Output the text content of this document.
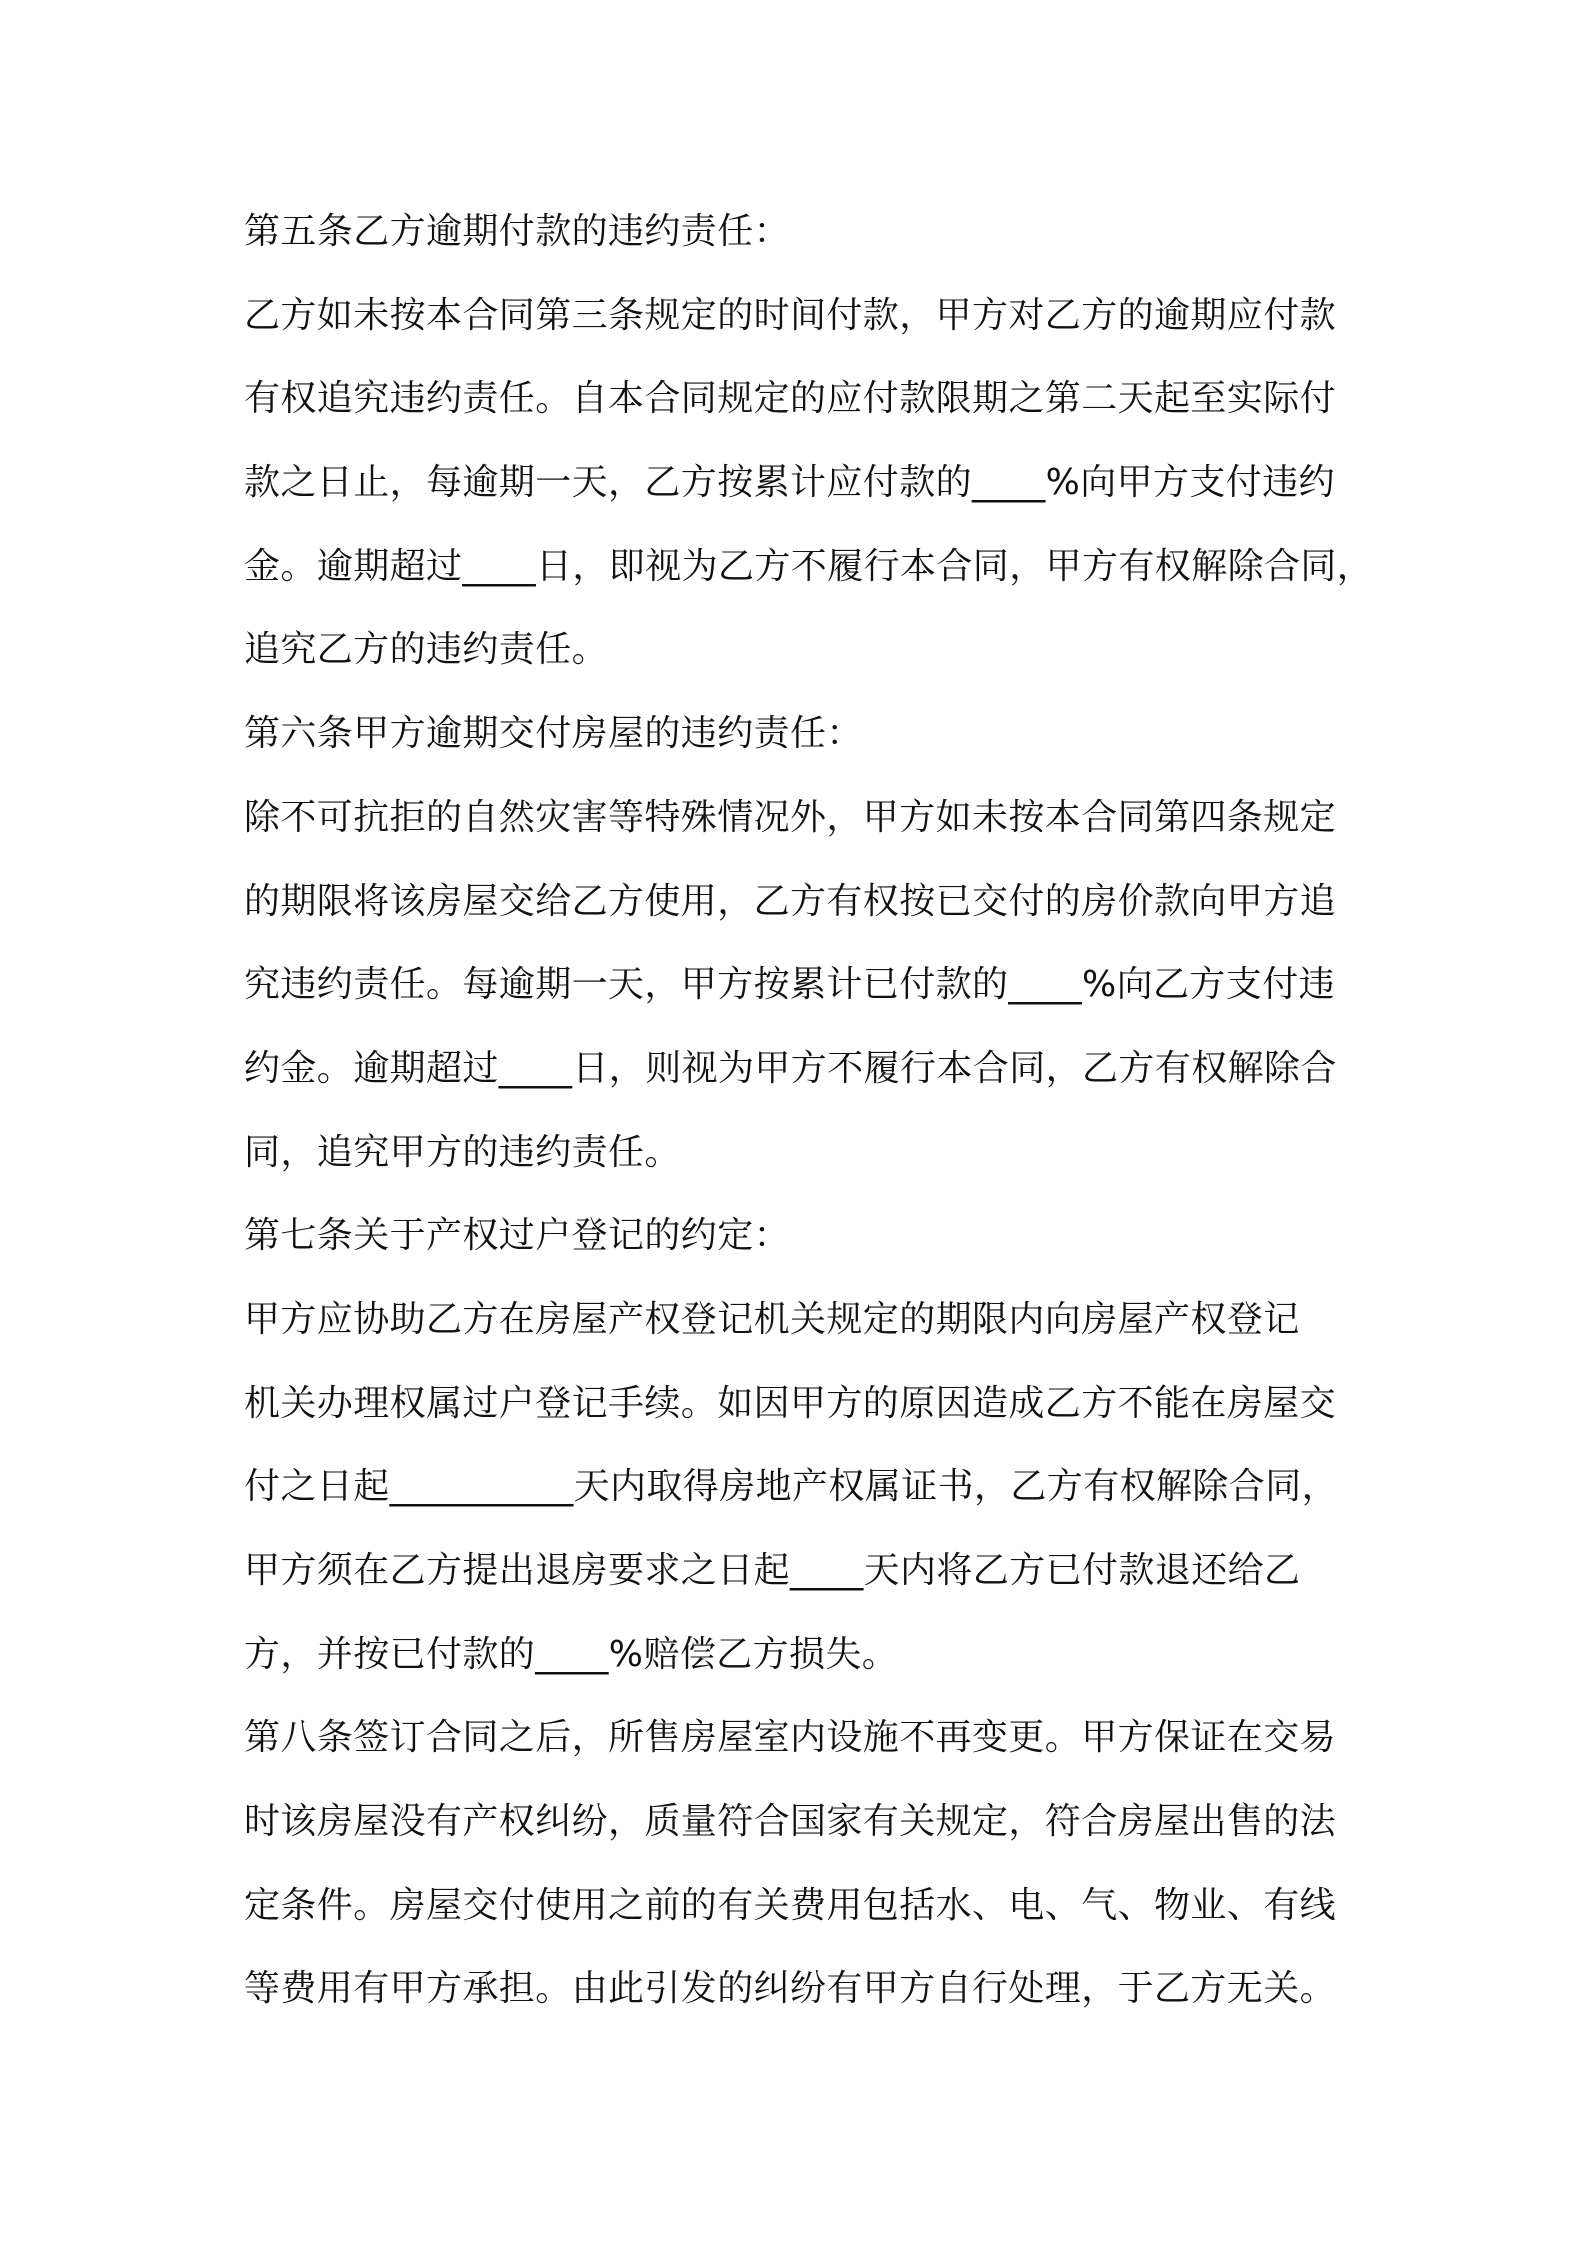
第五条乙方逾期付款的违约责任：
乙方如未按本合同第三条规定的时间付款，甲方对乙方的逾期应付款
有权追究违约责任。自本合同规定的应付款限期之第二天起至实际付
款之日止，每逾期一天，乙方按累计应付款的____%向甲方支付违约
金。逾期超过____日，即视为乙方不履行本合同，甲方有权解除合同，
追究乙方的违约责任。
第六条甲方逾期交付房屋的违约责任：
除不可抗拒的自然灾害等特殊情况外，甲方如未按本合同第四条规定
的期限将该房屋交给乙方使用，乙方有权按已交付的房价款向甲方追
究违约责任。每逾期一天，甲方按累计已付款的____%向乙方支付违
约金。逾期超过____日，则视为甲方不履行本合同，乙方有权解除合
同，追究甲方的违约责任。
第七条关于产权过户登记的约定：
甲方应协助乙方在房屋产权登记机关规定的期限内向房屋产权登记
机关办理权属过户登记手续。如因甲方的原因造成乙方不能在房屋交
付之日起__________天内取得房地产权属证书，乙方有权解除合同，
甲方须在乙方提出退房要求之日起____天内将乙方已付款退还给乙
方，并按已付款的____%赔偿乙方损失。
第八条签订合同之后，所售房屋室内设施不再变更。甲方保证在交易
时该房屋没有产权纠纷，质量符合国家有关规定，符合房屋出售的法
定条件。房屋交付使用之前的有关费用包括水、电、气、物业、有线
等费用有甲方承担。由此引发的纠纷有甲方自行处理，于乙方无关。
